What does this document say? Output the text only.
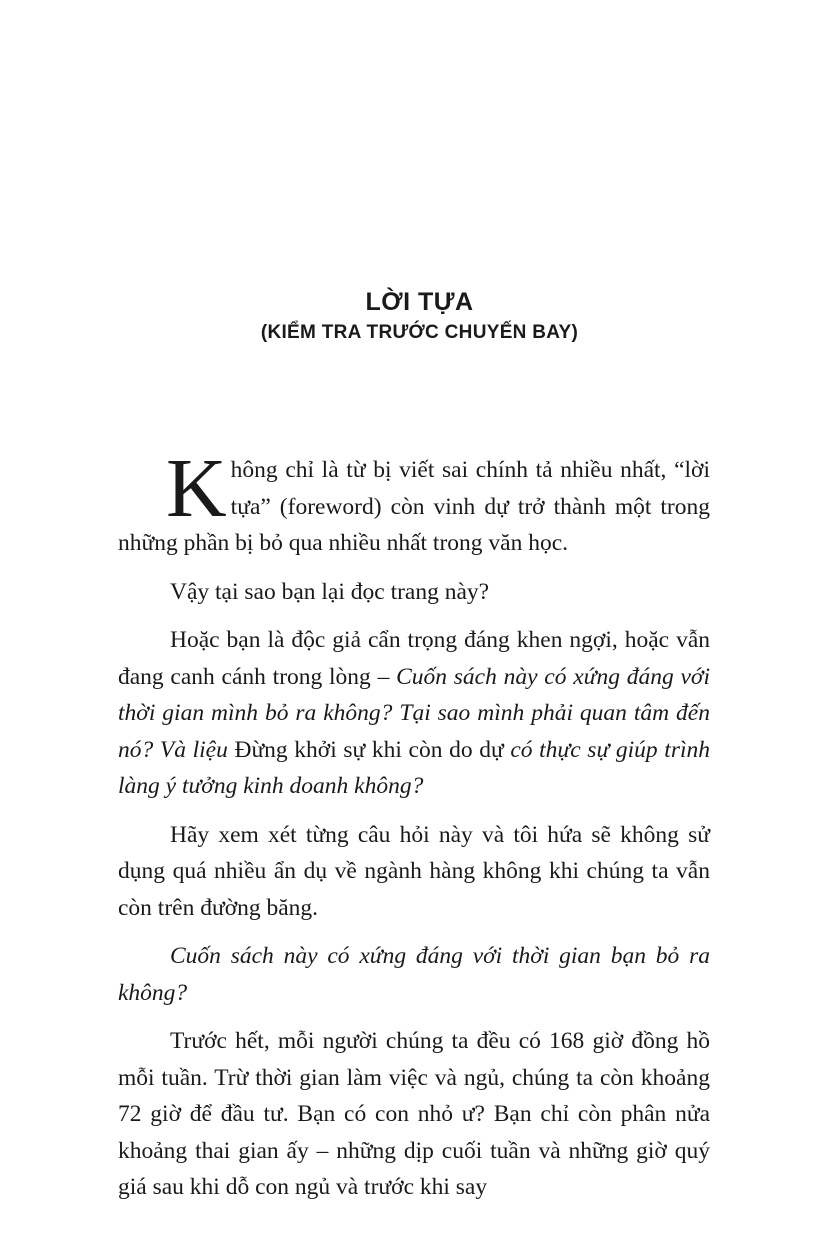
LỜI TỰA
(KIỂM TRA TRƯỚC CHUYẾN BAY)

Không chỉ là từ bị viết sai chính tả nhiều nhất, “lời tựa” (foreword) còn vinh dự trở thành một trong những phần bị bỏ qua nhiều nhất trong văn học.

Vậy tại sao bạn lại đọc trang này?

Hoặc bạn là độc giả cẩn trọng đáng khen ngợi, hoặc vẫn đang canh cánh trong lòng – Cuốn sách này có xứng đáng với thời gian mình bỏ ra không? Tại sao mình phải quan tâm đến nó? Và liệu Đừng khởi sự khi còn do dự có thực sự giúp trình làng ý tưởng kinh doanh không?

Hãy xem xét từng câu hỏi này và tôi hứa sẽ không sử dụng quá nhiều ẩn dụ về ngành hàng không khi chúng ta vẫn còn trên đường băng.

Cuốn sách này có xứng đáng với thời gian bạn bỏ ra không?

Trước hết, mỗi người chúng ta đều có 168 giờ đồng hồ mỗi tuần. Trừ thời gian làm việc và ngủ, chúng ta còn khoảng 72 giờ để đầu tư. Bạn có con nhỏ ư? Bạn chỉ còn phân nửa khoảng thai gian ấy – những dịp cuối tuần và những giờ quý giá sau khi dỗ con ngủ và trước khi say
